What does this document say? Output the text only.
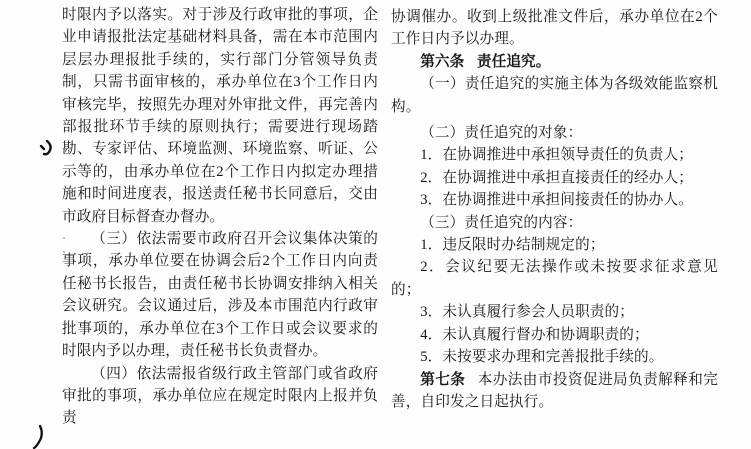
时限内予以落实。对于涉及行政审批的事项，企业申请报批法定基础材料具备，需在本市范围内层层办理报批手续的，实行部门分管领导负责制，只需书面审核的，承办单位在3个工作日内审核完毕，按照先办理对外审批文件，再完善内部报批环节手续的原则执行；需要进行现场踏勘、专家评估、环境监测、环境监察、听证、公示等的，由承办单位在2个工作日内拟定办理措施和时间进度表，报送责任秘书长同意后，交由市政府目标督查办督办。

（三）依法需要市政府召开会议集体决策的事项，承办单位要在协调会后2个工作日内向责任秘书长报告，由责任秘书长协调安排纳入相关会议研究。会议通过后，涉及本市围范内行政审批事项的，承办单位在3个工作日或会议要求的时限内予以办理，责任秘书长负责督办。

（四）依法需报省级行政主管部门或省政府审批的事项，承办单位应在规定时限内上报并负责

协调催办。收到上级批准文件后，承办单位在2个工作日内予以办理。

第六条 责任追究。

（一）责任追究的实施主体为各级效能监察机构。

（二）责任追究的对象：

1．在协调推进中承担领导责任的负责人；

2．在协调推进中承担直接责任的经办人；

3．在协调推进中承担间接责任的协办人。

（三）责任追究的内容：

1．违反限时办结制规定的；

2．会议纪要无法操作或未按要求征求意见的；

3．未认真履行参会人员职责的；

4．未认真履行督办和协调职责的；

5．未按要求办理和完善报批手续的。

第七条 本办法由市投资促进局负责解释和完善，自印发之日起执行。
